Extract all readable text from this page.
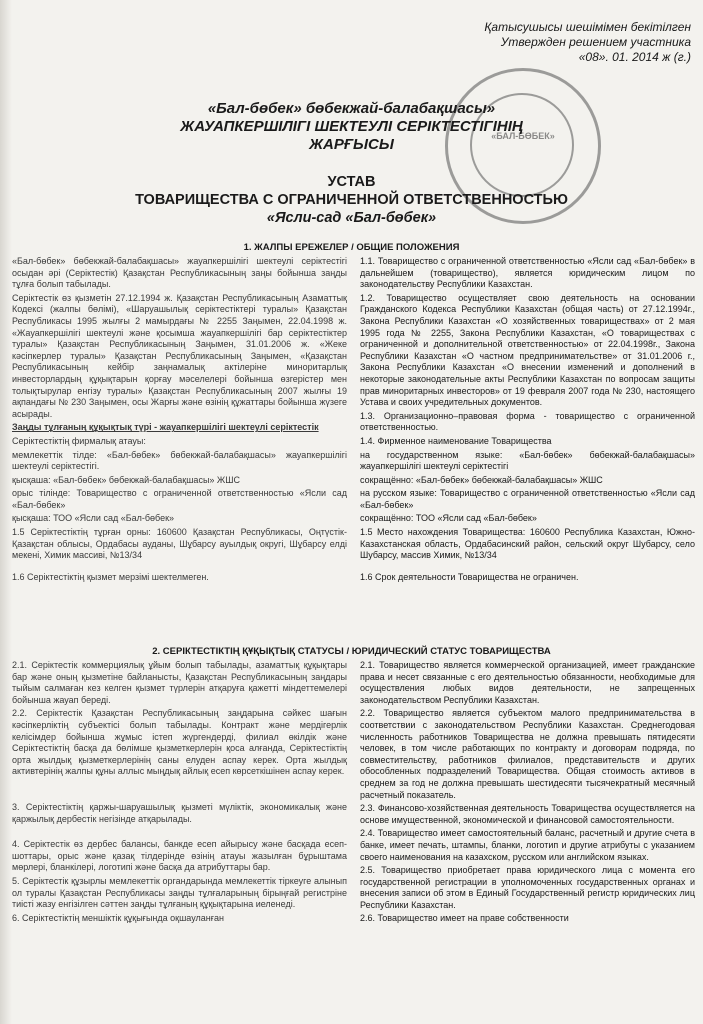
Қатысушысы шешімімен бекітілген
Утвержден решением участника
«08». 01. 2014 ж (г.)
«БАЛ-БӨБЕК»
«Бал-бөбек» бөбекжай-балабақшасы»
ЖАУАПКЕРШІЛІГІ ШЕКТЕУЛІ СЕРІКТЕСТІГІНІҢ
ЖАРҒЫСЫ
УСТАВ
ТОВАРИЩЕСТВА С ОГРАНИЧЕННОЙ ОТВЕТСТВЕННОСТЬЮ
«Ясли-сад «Бал-бөбек»
1. ЖАЛПЫ ЕРЕЖЕЛЕР / ОБЩИЕ ПОЛОЖЕНИЯ

«Бал-бөбек» бөбекжай-балабақшасы» жауапкершілігі шектеулі серіктестігі осыдан әрі (Серіктестік) Қазақстан Республикасының заңы бойынша заңды тұлға болып табылады.

Серіктестік өз қызметін 27.12.1994 ж. Қазақстан Республикасының Азаматтық Кодексі (жалпы бөлімі), «Шаруашылық серіктестіктері туралы» Қазақстан Республикасы 1995 жылғы 2 мамырдағы № 2255 Заңымен, 22.04.1998 ж. «Жауапкершілігі шектеулі және қосымша жауапкершілігі бар серіктестіктер туралы» Қазақстан Республикасының Заңымен, 31.01.2006 ж. «Жеке кәсіпкерлер туралы» Қазақстан Республикасының Заңымен, «Қазақстан Республикасының кейбір заңнамалық актілеріне миноритарлық инвесторлардың құқықтарын қорғау мәселелері бойынша өзгерістер мен толықтырулар енгізу туралы» Қазақстан Республикасының 2007 жылғы 19 ақпандағы № 230 Заңымен, осы Жарғы және өзінің құжаттары бойынша жүзеге асырады.

Заңды тұлғаның құқықтық түрі - жауапкершілігі шектеулі серіктестік

Серіктестіктің фирмалық атауы:

мемлекеттік тілде: «Бал-бөбек» бөбекжай-балабақшасы» жауапкершілігі шектеулі серіктестігі.

қысқаша: «Бал-бөбек» бөбекжай-балабақшасы» ЖШС

орыс тілінде: Товарищество с ограниченной ответственностью «Ясли сад «Бал-бөбек»

қысқаша: ТОО «Ясли сад «Бал-бөбек»

1.5 Серіктестіктің тұрған орны: 160600 Қазақстан Республикасы, Оңтүстік-Қазақстан облысы, Ордабасы ауданы, Шұбарсу ауылдық округі, Шұбарсу елді мекені, Химик массиві, №13/34

1.6 Серіктестіктің қызмет мерзімі шектелмеген.

1.1. Товарищество с ограниченной ответственностью «Ясли сад «Бал-бөбек» в дальнейшем (товарищество), является юридическим лицом по законодательству Республики Казахстан.

1.2. Товарищество осуществляет свою деятельность на основании Гражданского Кодекса Республики Казахстан (общая часть) от 27.12.1994г., Закона Республики Казахстан «О хозяйственных товариществах» от 2 мая 1995 года № 2255, Закона Республики Казахстан, «О товариществах с ограниченной и дополнительной ответственностью» от 22.04.1998г., Закона Республики Казахстан «О частном предпринимательстве» от 31.01.2006 г., Закона Республики Казахстан «О внесении изменений и дополнений в некоторые законодательные акты Республики Казахстан по вопросам защиты прав миноритарных инвесторов» от 19 февраля 2007 года № 230, настоящего Устава и своих учредительных документов.

1.3. Организационно–правовая форма - товарищество с ограниченной ответственностью.

1.4. Фирменное наименование Товарищества

на государственном языке: «Бал-бөбек» бөбекжай-балабақшасы» жауапкершілігі шектеулі серіктестігі

сокращённо: «Бал-бөбек» бөбекжай-балабақшасы» ЖШС

на русском языке: Товарищество с ограниченной ответственностью «Ясли сад «Бал-бөбек»

сокращённо: ТОО «Ясли сад «Бал-бөбек»

1.5 Место нахождения Товарищества: 160600 Республика Казахстан, Южно-Казахстанская область, Ордабасинский район, сельский округ Шубарсу, село Шубарсу, массив Химик, №13/34

1.6 Срок деятельности Товарищества не ограничен.

2. СЕРІКТЕСТІКТІҢ ҚҰҚЫҚТЫҚ СТАТУСЫ / ЮРИДИЧЕСКИЙ СТАТУС ТОВАРИЩЕСТВА

2.1. Серіктестік коммерциялық ұйым болып табылады, азаматтық құқықтары бар және оның қызметіне байланысты, Қазақстан Республикасының заңдары тыйым салмаған кез келген қызмет түрлерін атқаруға қажетті міндеттемелері бойынша жауап береді.

2.2. Серіктестік Қазақстан Республикасының заңдарына сәйкес шағын кәсіпкерліктің субъектісі болып табылады. Контракт және мердігерлік келісімдер бойынша жұмыс істеп жүргендерді, филиал өкілдік және Серіктестіктің басқа да бөлімше қызметкерлерін қоса алғанда, Серіктестіктің орта жылдық қызметкерлерінің саны елуден аспау керек. Орта жылдық активтерінің жалпы құны аллыс мыңдық айлық есеп көрсеткішінен аспау керек.

3. Серіктестіктің қаржы-шаруашылық қызметі мүліктік, экономикалық және қаржылық дербестік негізінде атқарылады.

4. Серіктестік өз дербес балансы, банкде есеп айырысу және басқада есеп-шоттары, орыс және қазақ тілдерінде өзінің атауы жазылған бұрыштама мөрлері, бланкілері, логотипі және басқа да атрибуттары бар.

5. Серіктестік құзырлы мемлекеттік органдарында мемлекеттік тіркеуге алынып ол туралы Қазақстан Республикасы заңды тұлғаларының бірыңғай регистріне тиісті жазу енгізілген сәттен заңды тұлғаның құқықтарына иеленеді.

6. Серіктестіктің меншіктік құқығында оқшауланған

2.1. Товарищество является коммерческой организацией, имеет гражданские права и несет связанные с его деятельностью обязанности, необходимые для осуществления любых видов деятельности, не запрещенных законодательством Республики Казахстан.

2.2. Товарищество является субъектом малого предпринимательства в соответствии с законодательством Республики Казахстан. Среднегодовая численность работников Товарищества не должна превышать пятидесяти человек, в том числе работающих по контракту и договорам подряда, по совместительству, работников филиалов, представительств и других обособленных подразделений Товарищества. Общая стоимость активов в среднем за год не должна превышать шестидесяти тысячекратный месячный расчетный показатель.

2.3. Финансово-хозяйственная деятельность Товарищества осуществляется на основе имущественной, экономической и финансовой самостоятельности.

2.4. Товарищество имеет самостоятельный баланс, расчетный и другие счета в банке, имеет печать, штампы, бланки, логотип и другие атрибуты с указанием своего наименования на казахском, русском или английском языках.

2.5. Товарищество приобретает права юридического лица с момента его государственной регистрации в уполномоченных государственных органах и внесения записи об этом в Единый Государственный регистр юридических лиц Республики Казахстан.

2.6. Товарищество имеет на праве собственности
